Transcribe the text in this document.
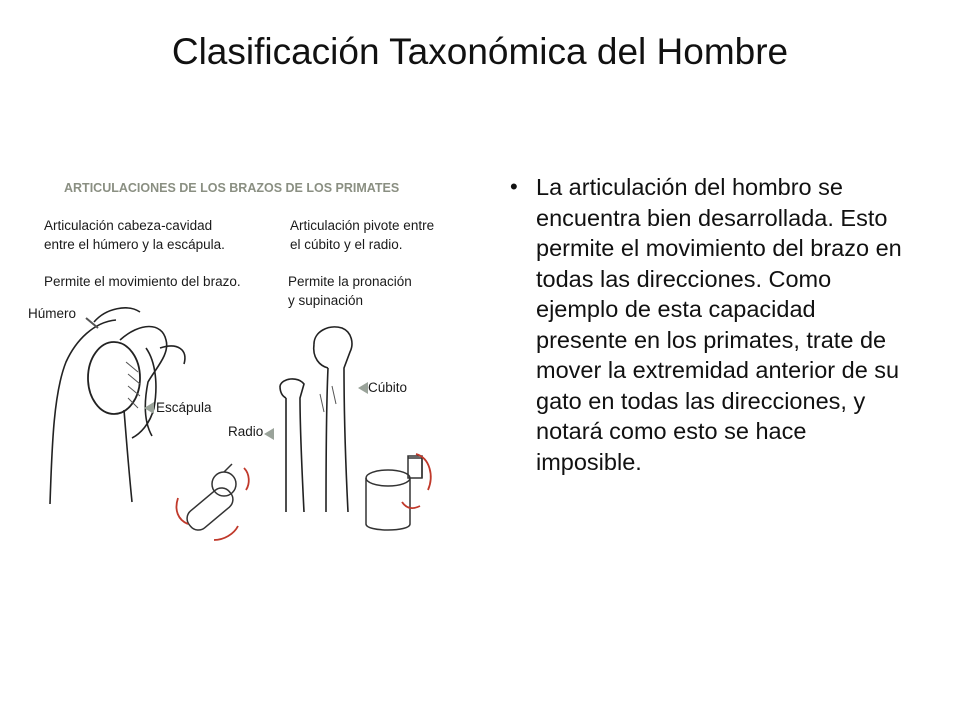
Clasificación Taxonómica del Hombre
ARTICULACIONES DE LOS BRAZOS DE LOS PRIMATES
Articulación cabeza-cavidad
entre el húmero y la escápula.
Permite el movimiento del brazo.
Articulación pivote entre
el cúbito y el radio.
Permite la pronación
y supinación
Húmero
Escápula
Cúbito
Radio
• La articulación del hombro se encuentra bien desarrollada. Esto permite el movimiento del brazo en todas las direcciones. Como ejemplo de esta capacidad presente en los primates, trate de mover la extremidad anterior de su gato en todas las direcciones, y notará como esto se hace imposible.
